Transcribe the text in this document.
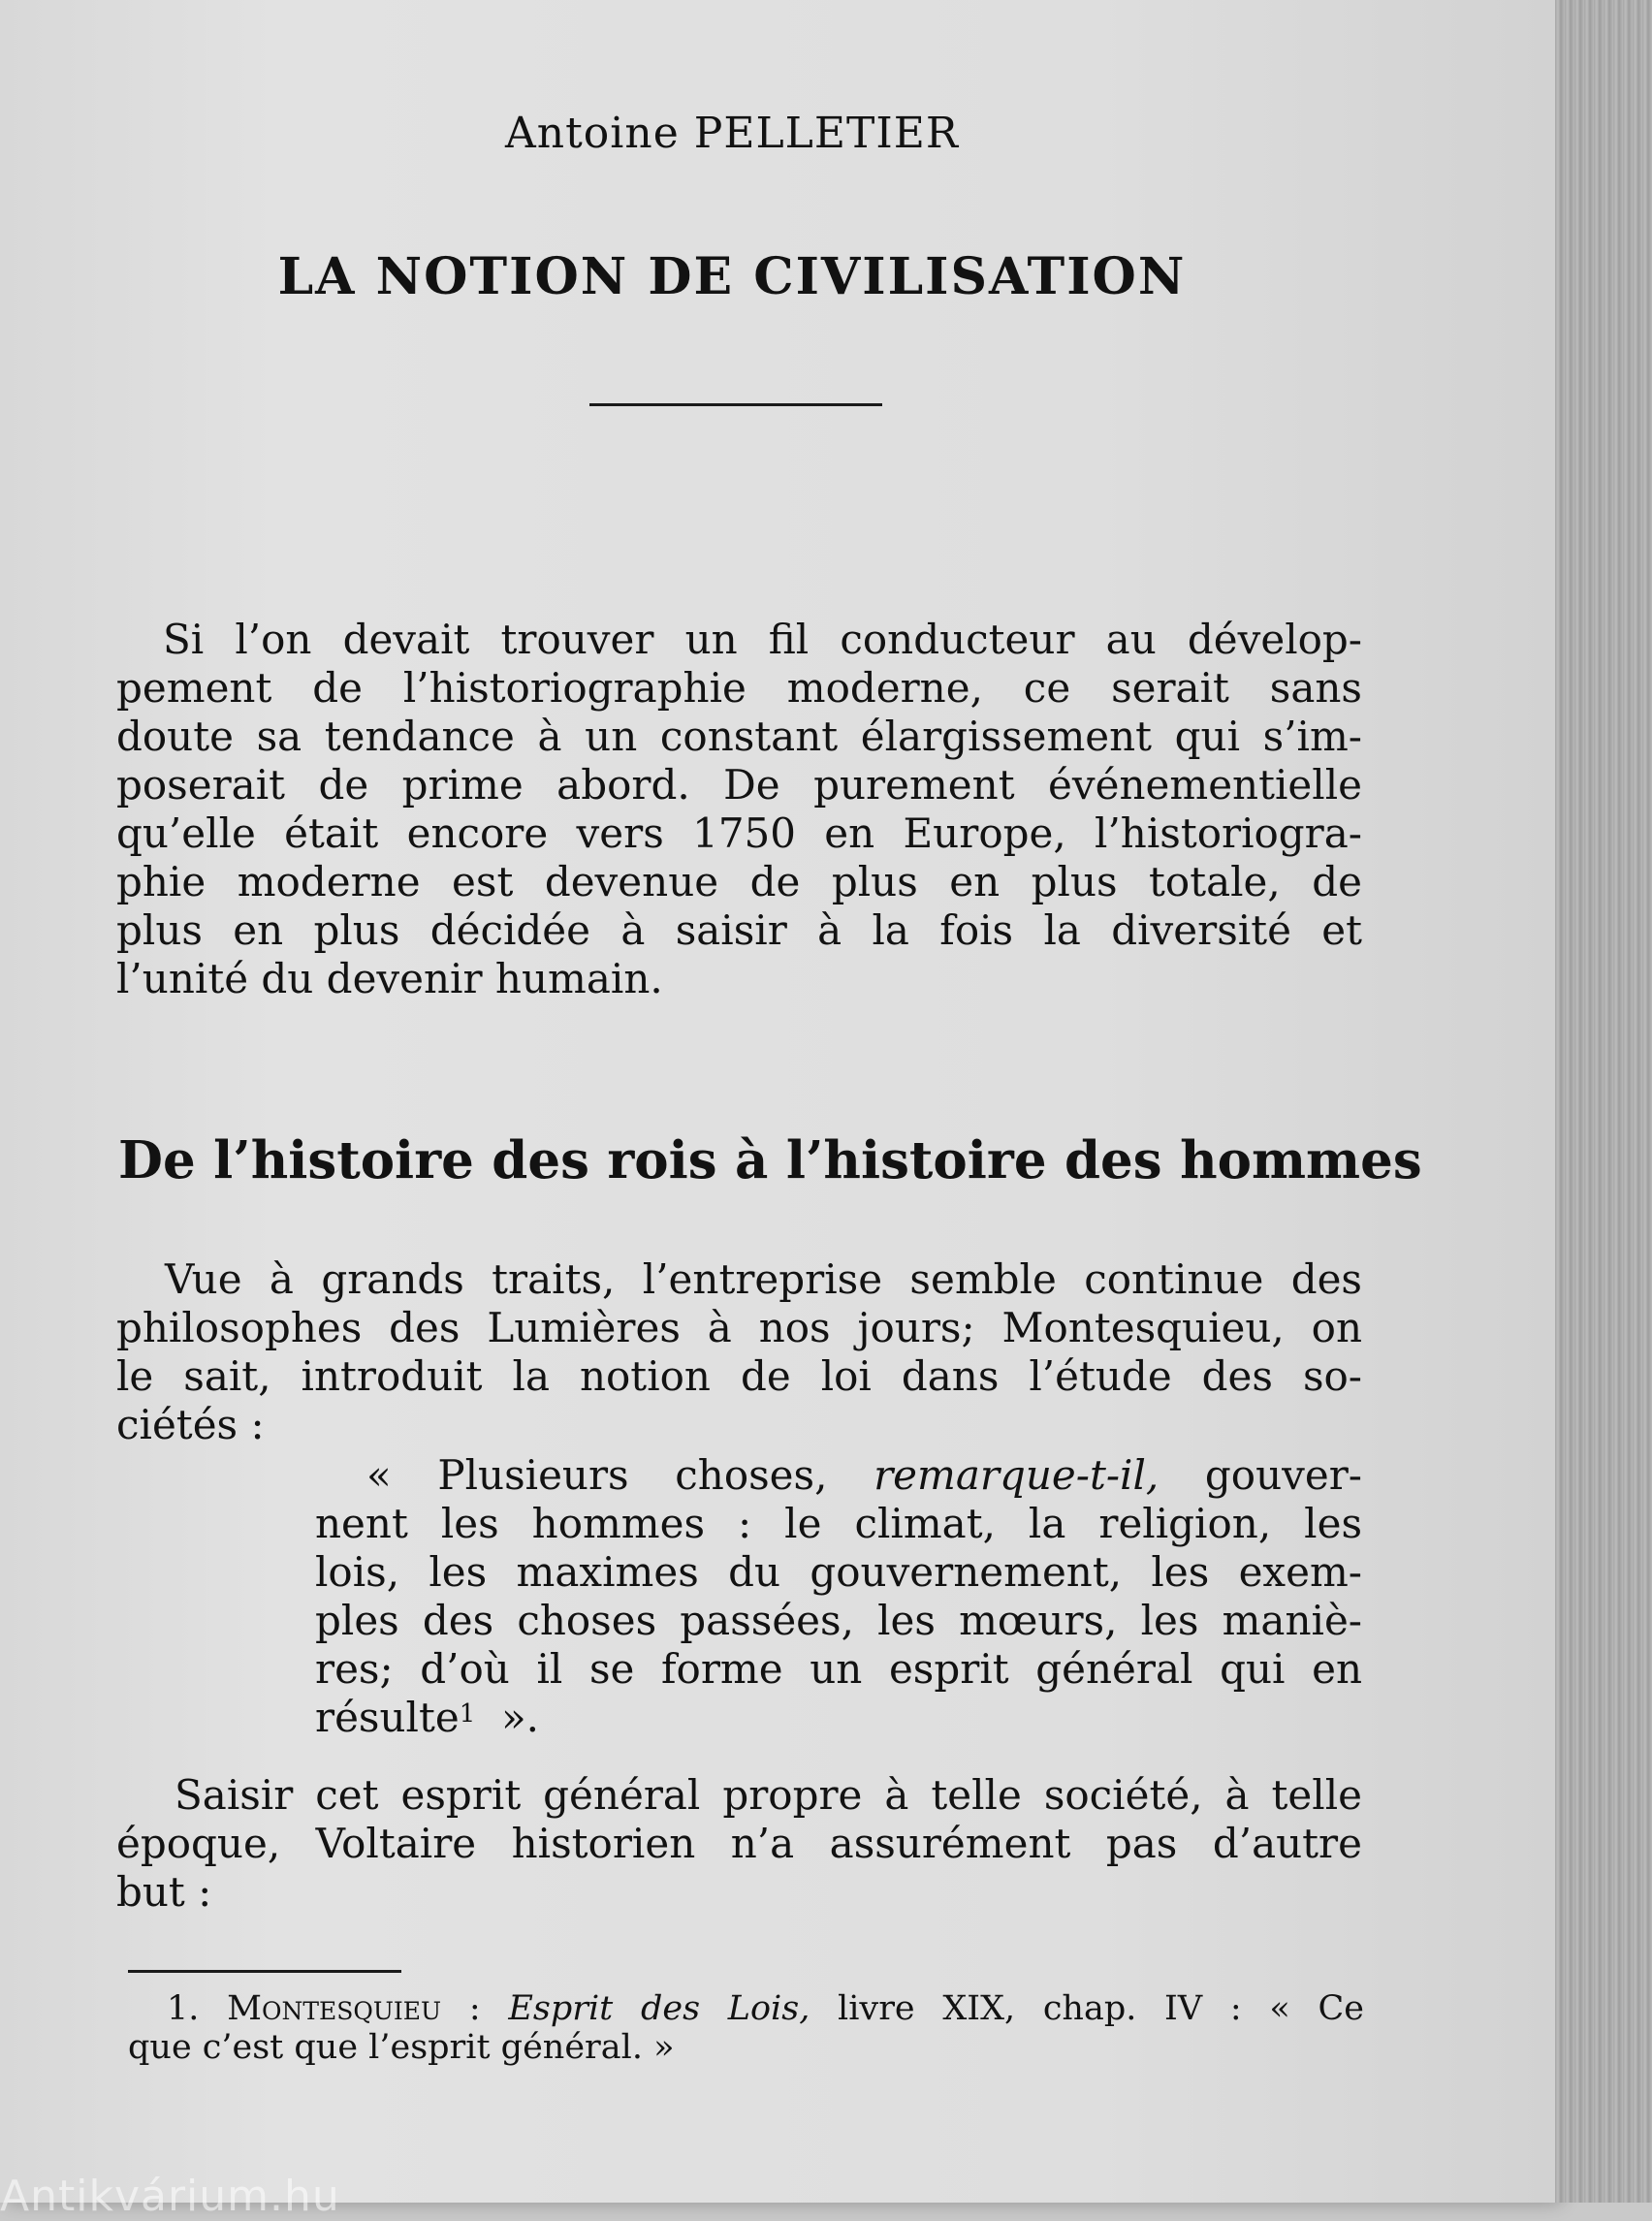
Antoine PELLETIER
LA NOTION DE CIVILISATION
Si l’on devait trouver un fil conducteur au dévelop-
pement de l’historiographie moderne, ce serait sans
doute sa tendance à un constant élargissement qui s’im-
poserait de prime abord. De purement événementielle
qu’elle était encore vers 1750 en Europe, l’historiogra-
phie moderne est devenue de plus en plus totale, de
plus en plus décidée à saisir à la fois la diversité et
l’unité du devenir humain.
De l’histoire des rois à l’histoire des hommes
Vue à grands traits, l’entreprise semble continue des
philosophes des Lumières à nos jours; Montesquieu, on
le sait, introduit la notion de loi dans l’étude des so-
ciétés :
« Plusieurs choses, remarque-t-il, gouver-
nent les hommes : le climat, la religion, les
lois, les maximes du gouvernement, les exem-
ples des choses passées, les mœurs, les maniè-
res; d’où il se forme un esprit général qui en
résulte$^1$ ».
Saisir cet esprit général propre à telle société, à telle
époque, Voltaire historien n’a assurément pas d’autre
but :
1. Montesquieu : Esprit des Lois, livre XIX, chap. IV : « Ce
que c’est que l’esprit général. »
Antikvárium.hu
